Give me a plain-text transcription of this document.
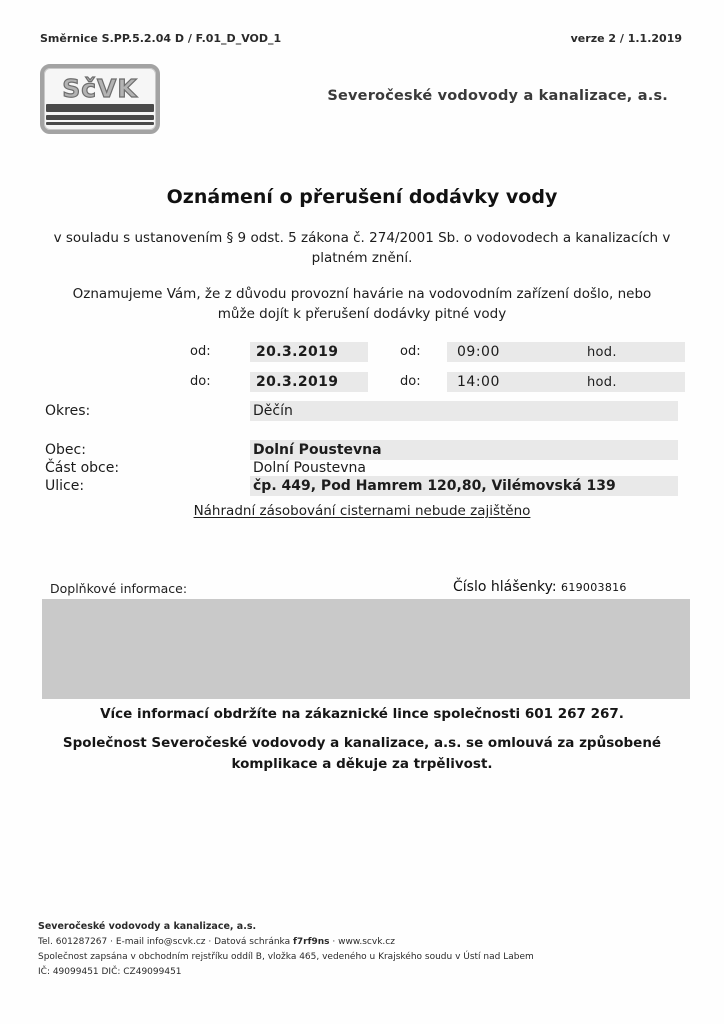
Směrnice S.PP.5.2.04 D / F.01_D_VOD_1	verze 2 / 1.1.2019
SčVK	Severočeské vodovody a kanalizace, a.s.
Oznámení o přerušení dodávky vody

v souladu s ustanovením § 9 odst. 5 zákona č. 274/2001 Sb. o vodovodech a kanalizacích v platném znění.

Oznamujeme Vám, že z důvodu provozní havárie na vodovodním zařízení došlo, nebo může dojít k přerušení dodávky pitné vody

od:	20.3.2019	od:	09:00	hod.
do:	20.3.2019	do:	14:00	hod.
Okres:	Děčín
Obec:	Dolní Poustevna
Část obce:	Dolní Poustevna
Ulice:	čp. 449, Pod Hamrem 120,80, Vilémovská 139
Náhradní zásobování cisternami nebude zajištěno
Doplňkové informace:	Číslo hlášenky: 619003816

Více informací obdržíte na zákaznické lince společnosti 601 267 267.

Společnost Severočeské vodovody a kanalizace, a.s. se omlouvá za způsobené komplikace a děkuje za trpělivost.

Severočeské vodovody a kanalizace, a.s.
Tel. 601287267 · E-mail info@scvk.cz · Datová schránka f7rf9ns · www.scvk.cz
Společnost zapsána v obchodním rejstříku oddíl B, vložka 465, vedeného u Krajského soudu v Ústí nad Labem
IČ: 49099451 DIČ: CZ49099451
